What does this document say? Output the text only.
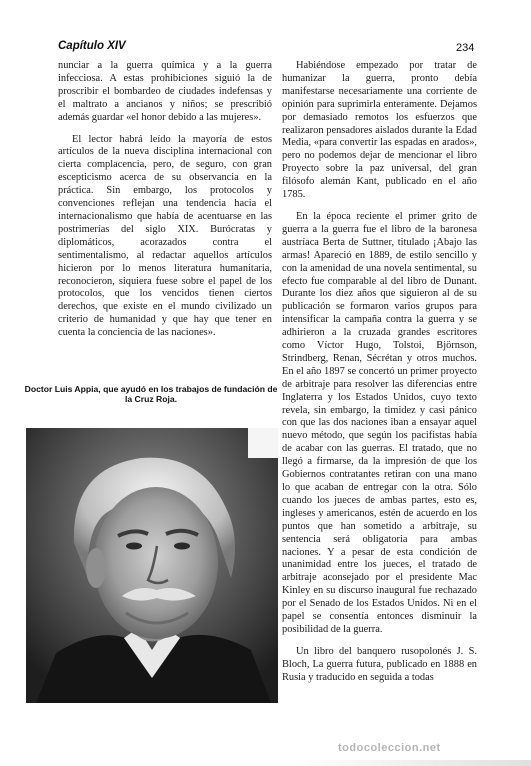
Capítulo XIV	234

nunciar a la guerra química y a la guerra infecciosa. A estas prohibiciones siguió la de proscribir el bombardeo de ciudades indefensas y el maltrato a ancianos y niños; se prescribió además guardar «el honor debido a las mujeres».

El lector habrá leído la mayoría de estos artículos de la nueva disciplina internacional con cierta complacencia, pero, de seguro, con gran escepticismo acerca de su observancia en la práctica. Sin embargo, los protocolos y convenciones reflejan una tendencia hacia el internacionalismo que había de acentuarse en las postrimerías del siglo XIX. Burócratas y diplomáticos, acorazados contra el sentimentalismo, al redactar aquellos artículos hicieron por lo menos literatura humanitaria, reconocieron, siquiera fuese sobre el papel de los protocolos, que los vencidos tienen ciertos derechos, que existe en el mundo civilizado un criterio de humanidad y que hay que tener en cuenta la conciencia de las naciones».

Habiéndose empezado por tratar de humanizar la guerra, pronto debía manifestarse necesariamente una corriente de opinión para suprimirla enteramente. Dejamos por demasiado remotos los esfuerzos que realizaron pensadores aislados durante la Edad Media, «para convertir las espadas en arados», pero no podemos dejar de mencionar el libro Proyecto sobre la paz universal, del gran filósofo alemán Kant, publicado en el año 1785.

En la época reciente el primer grito de guerra a la guerra fue el libro de la baronesa austríaca Berta de Suttner, titulado ¡Abajo las armas! Apareció en 1889, de estilo sencillo y con la amenidad de una novela sentimental, su efecto fue comparable al del libro de Dunant. Durante los diez años que siguieron al de su publicación se formaron varios grupos para intensificar la campaña contra la guerra y se adhirieron a la cruzada grandes escritores como Víctor Hugo, Tolstoi, Björnson, Strindberg, Renan, Sécrétan y otros muchos. En el año 1897 se concertó un primer proyecto de arbitraje para resolver las diferencias entre Inglaterra y los Estados Unidos, cuyo texto revela, sin embargo, la timidez y casi pánico con que las dos naciones iban a ensayar aquel nuevo método, que según los pacifistas había de acabar con las guerras. El tratado, que no llegó a firmarse, da la impresión de que los Gobiernos contratantes retiran con una mano lo que acaban de entregar con la otra. Sólo cuando los jueces de ambas partes, esto es, ingleses y americanos, estén de acuerdo en los puntos que han sometido a arbitraje, su sentencia será obligatoria para ambas naciones. Y a pesar de esta condición de unanimidad entre los jueces, el tratado de arbitraje aconsejado por el presidente Mac Kinley en su discurso inaugural fue rechazado por el Senado de los Estados Unidos. Ni en el papel se consentía entonces disminuir la posibilidad de la guerra.

Un libro del banquero rusopolonés J. S. Bloch, La guerra futura, publicado en 1888 en Rusia y traducido en seguida a todas

Doctor Luis Appia, que ayudó en los trabajos de fundación de la Cruz Roja.
todocoleccion.net
